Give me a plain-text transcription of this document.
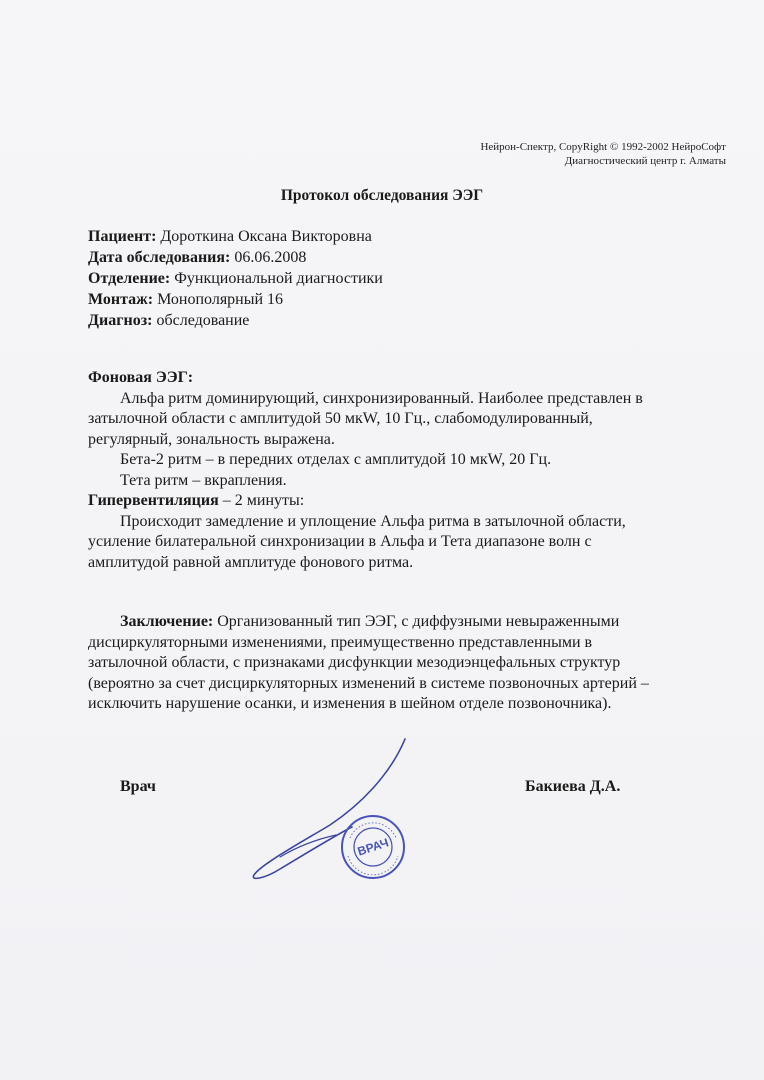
Нейрон-Спектр, CopyRight © 1992-2002 НейроСофт
Диагностический центр г. Алматы
Протокол обследования ЭЭГ
Пациент: Дороткина Оксана Викторовна
Дата обследования: 06.06.2008
Отделение: Функциональной диагностики
Монтаж: Монополярный 16
Диагноз: обследование

Фоновая ЭЭГ:

Альфа ритм доминирующий, синхронизированный. Наиболее представлен в

затылочной области с амплитудой 50 мкW, 10 Гц., слабомодулированный,

регулярный, зональность выражена.

Бета-2 ритм – в передних отделах с амплитудой 10 мкW, 20 Гц.

Тета ритм – вкрапления.

Гипервентиляция – 2 минуты:

Происходит замедление и уплощение Альфа ритма в затылочной области,

усиление билатеральной синхронизации в Альфа и Тета диапазоне волн с

амплитудой равной амплитуде фонового ритма.

Заключение: Организованный тип ЭЭГ, с диффузными невыраженными

дисциркуляторными изменениями, преимущественно представленными в

затылочной области, с признаками дисфункции мезодиэнцефальных структур

(вероятно за счет дисциркуляторных изменений в системе позвоночных артерий –

исключить нарушение осанки, и изменения в шейном отделе позвоночника).

Врач	Бакиева Д.А.
ВРАЧ
